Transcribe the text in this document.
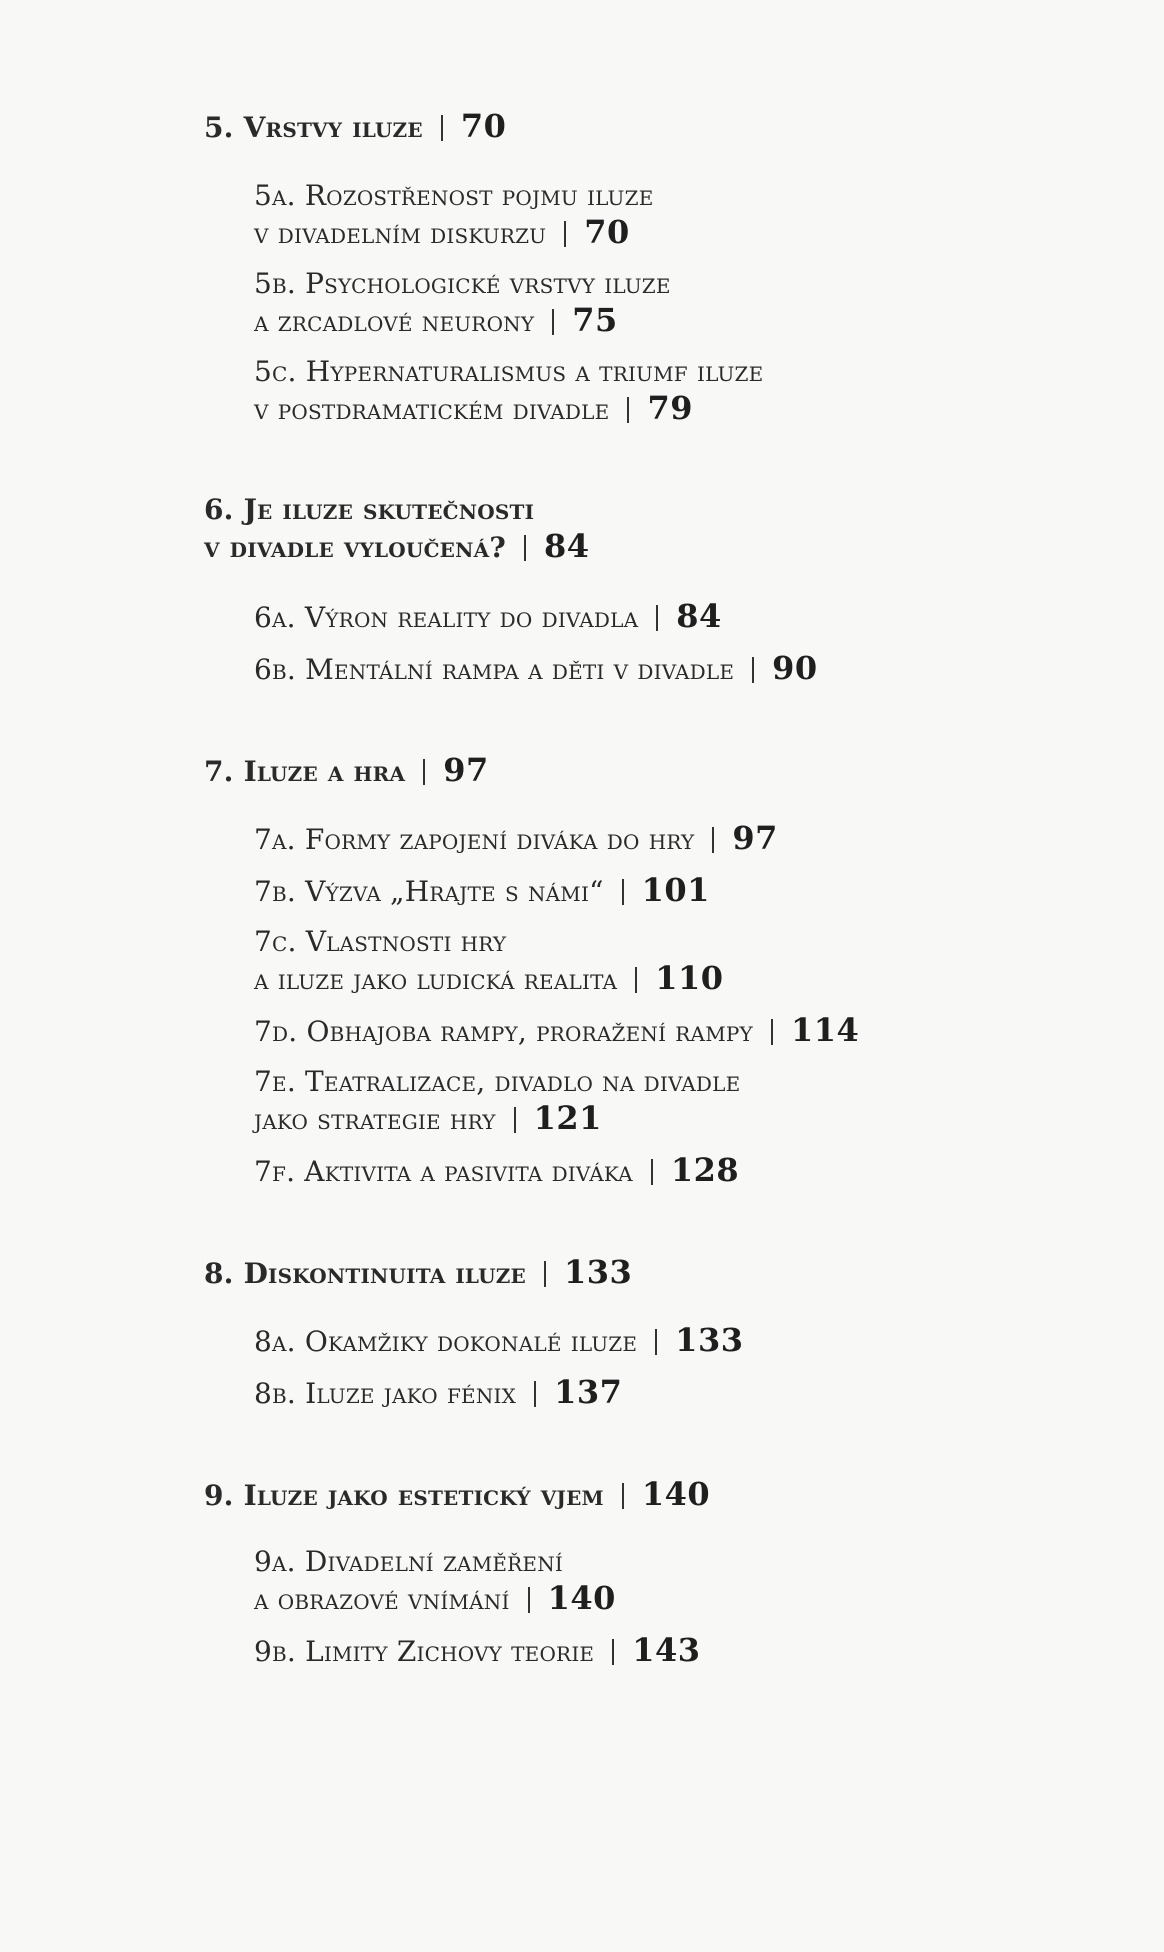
5. Vrstvy iluze 70
5a. Rozostřenost pojmu iluze
v divadelním diskurzu 70
5b. Psychologické vrstvy iluze
a zrcadlové neurony 75
5c. Hypernaturalismus a triumf iluze
v postdramatickém divadle 79
6. Je iluze skutečnosti
v divadle vyloučená? 84
6a. Výron reality do divadla 84
6b. Mentální rampa a děti v divadle 90
7. Iluze a hra 97
7a. Formy zapojení diváka do hry 97
7b. Výzva „Hrajte s námi“ 101
7c. Vlastnosti hry
a iluze jako ludická realita 110
7d. Obhajoba rampy, proražení rampy 114
7e. Teatralizace, divadlo na divadle
jako strategie hry 121
7f. Aktivita a pasivita diváka 128
8. Diskontinuita iluze 133
8a. Okamžiky dokonalé iluze 133
8b. Iluze jako fénix 137
9. Iluze jako estetický vjem 140
9a. Divadelní zaměření
a obrazové vnímání 140
9b. Limity Zichovy teorie 143
